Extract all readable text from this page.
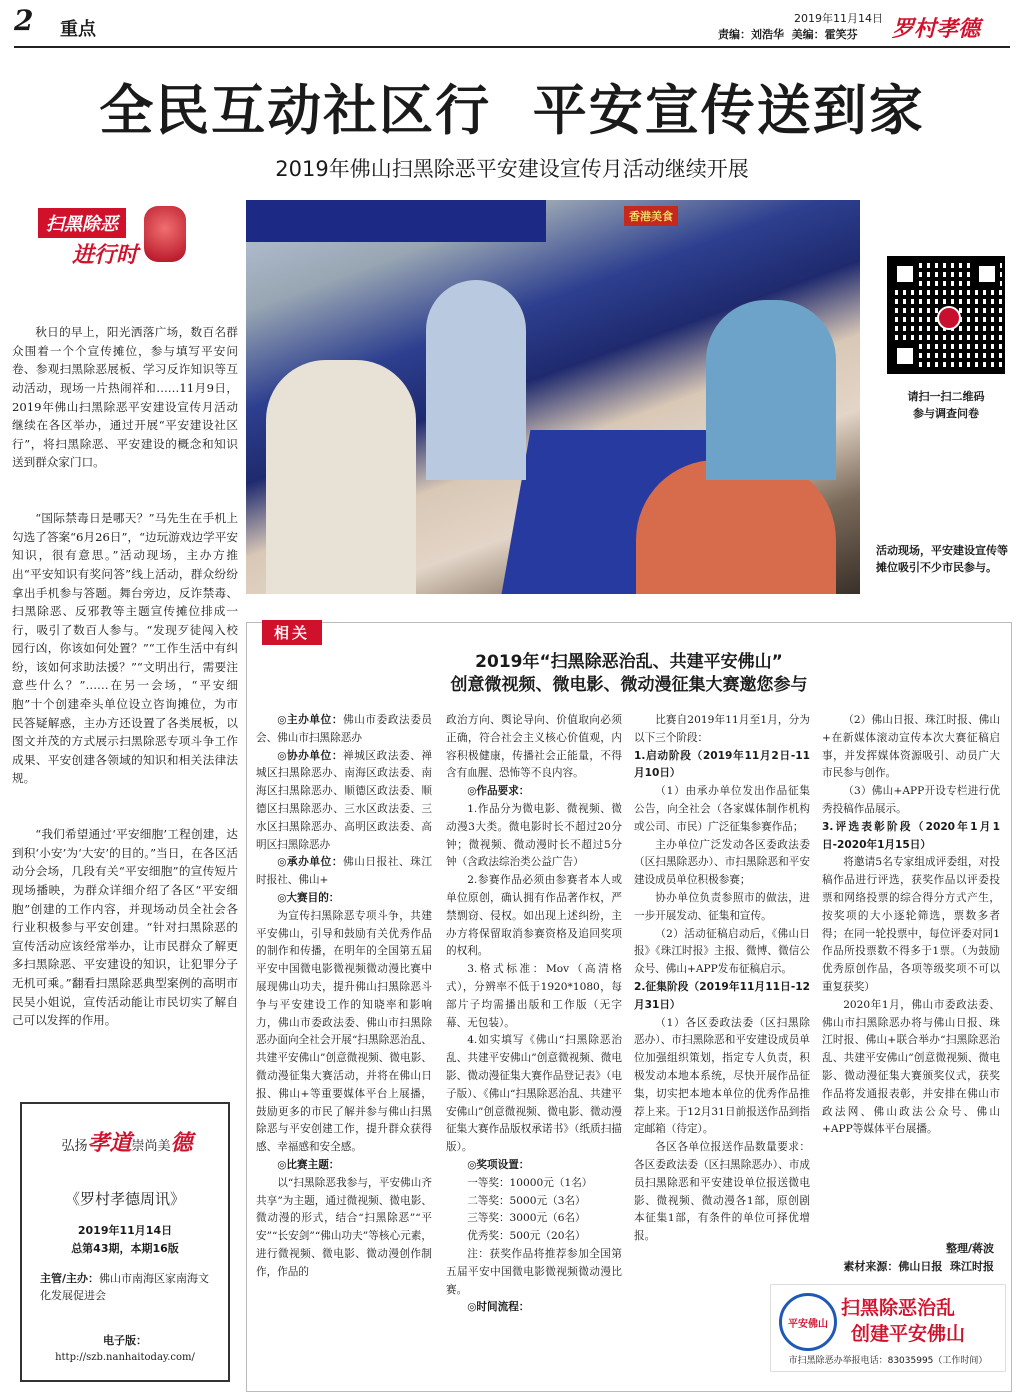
2 重点
2019年11月14日
责编：刘浩华  美编：霍笑芬 罗村孝德
全民互动社区行  平安宣传送到家
2019年佛山扫黑除恶平安建设宣传月活动继续开展
扫黑除恶
进行时

秋日的早上，阳光洒落广场，数百名群众围着一个个宣传摊位，参与填写平安问卷、参观扫黑除恶展板、学习反诈知识等互动活动，现场一片热闹祥和……11月9日，2019年佛山扫黑除恶平安建设宣传月活动继续在各区举办，通过开展“平安建设社区行”，将扫黑除恶、平安建设的概念和知识送到群众家门口。

“国际禁毒日是哪天？”马先生在手机上勾选了答案“6月26日”，“边玩游戏边学平安知识，很有意思。”活动现场，主办方推出“平安知识有奖问答”线上活动，群众纷纷拿出手机参与答题。舞台旁边，反诈禁毒、扫黑除恶、反邪教等主题宣传摊位排成一行，吸引了数百人参与。“发现歹徒闯入校园行凶，你该如何处置？”“工作生活中有纠纷，该如何求助法援？”“文明出行，需要注意些什么？”……在另一会场，“平安细胞”十个创建牵头单位设立咨询摊位，为市民答疑解惑，主办方还设置了各类展板，以图文并茂的方式展示扫黑除恶专项斗争工作成果、平安创建各领域的知识和相关法律法规。

“我们希望通过‘平安细胞’工程创建，达到积‘小安’为‘大安’的目的。”当日，在各区活动分会场，几段有关“平安细胞”的宣传短片现场播映，为群众详细介绍了各区“平安细胞”创建的工作内容，并现场动员全社会各行业积极参与平安创建。“针对扫黑除恶的宣传活动应该经常举办，让市民群众了解更多扫黑除恶、平安建设的知识，让犯罪分子无机可乘。”翻看扫黑除恶典型案例的高明市民吴小姐说，宣传活动能让市民切实了解自己可以发挥的作用。

香港美食
请扫一扫二维码
参与调查问卷
活动现场，平安建设宣传等摊位吸引不少市民参与。
相关
2019年“扫黑除恶治乱、共建平安佛山”
创意微视频、微电影、微动漫征集大赛邀您参与

◎主办单位：佛山市委政法委员会、佛山市扫黑除恶办

◎协办单位：禅城区政法委、禅城区扫黑除恶办、南海区政法委、南海区扫黑除恶办、顺德区政法委、顺德区扫黑除恶办、三水区政法委、三水区扫黑除恶办、高明区政法委、高明区扫黑除恶办

◎承办单位：佛山日报社、珠江时报社、佛山+

◎大赛目的：

为宣传扫黑除恶专项斗争，共建平安佛山，引导和鼓励有关优秀作品的制作和传播，在明年的全国第五届平安中国微电影微视频微动漫比赛中展现佛山功夫，提升佛山扫黑除恶斗争与平安建设工作的知晓率和影响力，佛山市委政法委、佛山市扫黑除恶办面向全社会开展“扫黑除恶治乱、共建平安佛山”创意微视频、微电影、微动漫征集大赛活动，并将在佛山日报、佛山+等重要媒体平台上展播，鼓励更多的市民了解并参与佛山扫黑除恶与平安创建工作，提升群众获得感、幸福感和安全感。

◎比赛主题：

以“扫黑除恶我参与，平安佛山齐共享”为主题，通过微视频、微电影、微动漫的形式，结合“扫黑除恶”“平安”“长安剑”“佛山功夫”等核心元素，进行微视频、微电影、微动漫创作制作，作品的

政治方向、舆论导向、价值取向必须正确，符合社会主义核心价值观，内容积极健康，传播社会正能量，不得含有血腥、恐怖等不良内容。

◎作品要求：

1.作品分为微电影、微视频、微动漫3大类。微电影时长不超过20分钟；微视频、微动漫时长不超过5分钟（含政法综治类公益广告）

2.参赛作品必须由参赛者本人或单位原创，确认拥有作品著作权，严禁剽窃、侵权。如出现上述纠纷，主办方将保留取消参赛资格及追回奖项的权利。

3.格式标准：Mov（高清格式），分辨率不低于1920*1080，每部片子均需播出版和工作版（无字幕、无包装）。

4.如实填写《佛山“扫黑除恶治乱、共建平安佛山”创意微视频、微电影、微动漫征集大赛作品登记表》（电子版）、《佛山“扫黑除恶治乱、共建平安佛山”创意微视频、微电影、微动漫征集大赛作品版权承诺书》（纸质扫描版）。

◎奖项设置：

一等奖：10000元（1名）

二等奖：5000元（3名）

三等奖：3000元（6名）

优秀奖：500元（20名）

注：获奖作品将推荐参加全国第五届平安中国微电影微视频微动漫比赛。

◎时间流程：

比赛自2019年11月至1月，分为以下三个阶段：

1.启动阶段（2019年11月2日-11月10日）

（1）由承办单位发出作品征集公告，向全社会（各家媒体制作机构或公司、市民）广泛征集参赛作品；

主办单位广泛发动各区委政法委（区扫黑除恶办）、市扫黑除恶和平安建设成员单位积极参赛；

协办单位负责参照市的做法，进一步开展发动、征集和宣传。

（2）活动征稿启动后，《佛山日报》《珠江时报》主报、微博、微信公众号、佛山+APP发布征稿启示。

2.征集阶段（2019年11月11日-12月31日）

（1）各区委政法委（区扫黑除恶办）、市扫黑除恶和平安建设成员单位加强组织策划，指定专人负责，积极发动本地本系统，尽快开展作品征集，切实把本地本单位的优秀作品推荐上来。于12月31日前报送作品到指定邮箱（待定）。

各区各单位报送作品数量要求：各区委政法委（区扫黑除恶办）、市成员扫黑除恶和平安建设单位报送微电影、微视频、微动漫各1部，原创剧本征集1部，有条件的单位可择优增报。

（2）佛山日报、珠江时报、佛山+在新媒体滚动宣传本次大赛征稿启事，并发挥媒体资源吸引、动员广大市民参与创作。

（3）佛山+APP开设专栏进行优秀投稿作品展示。

3.评选表彰阶段（2020年1月1日-2020年1月15日）

将邀请5名专家组成评委组，对投稿作品进行评选，获奖作品以评委投票和网络投票的综合得分方式产生，按奖项的大小逐轮筛选，票数多者得；在同一轮投票中，每位评委对同1作品所投票数不得多于1票。（为鼓励优秀原创作品，各项等级奖项不可以重复获奖）

2020年1月，佛山市委政法委、佛山市扫黑除恶办将与佛山日报、珠江时报、佛山+联合举办“扫黑除恶治乱、共建平安佛山”创意微视频、微电影、微动漫征集大赛颁奖仪式，获奖作品将发通报表彰，并安排在佛山市政法网、佛山政法公众号、佛山+APP等媒体平台展播。

整理/蒋波
素材来源：佛山日报  珠江时报
平安佛山
扫黑除恶治乱
创建平安佛山
市扫黑除恶办举报电话：83035995（工作时间）
弘扬孝道崇尚美德
《罗村孝德周讯》
2019年11月14日
总第43期，本期16版
主管/主办：佛山市南海区家南海文化发展促进会
电子版：
http://szb.nanhaitoday.com/
